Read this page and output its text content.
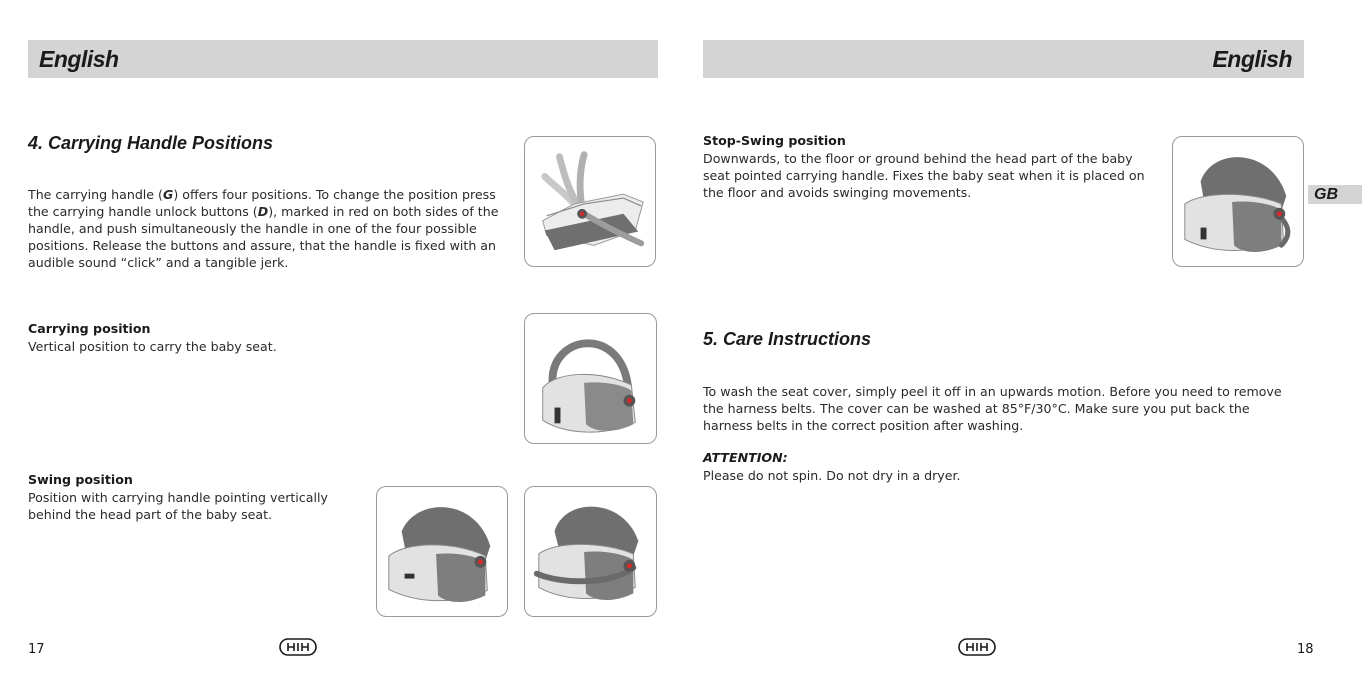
English
4. Carrying Handle Positions
The carrying handle (G) offers four positions. To change the position press the carrying handle unlock buttons (D), marked in red on both sides of the handle, and push simultaneously the handle in one of the four possible positions. Release the buttons and assure, that the handle is fixed with an audible sound “click” and a tangible jerk.
Carrying position
Vertical position to carry the baby seat.
Swing position
Position with carrying handle pointing vertically behind the head part of the baby seat.
17
English
Stop-Swing position
Downwards, to the floor or ground behind the head part of the baby seat pointed carrying handle. Fixes the baby seat when it is placed on the floor and avoids swinging movements.	GB
5. Care Instructions
To wash the seat cover, simply peel it off in an upwards motion. Before you need to remove the harness belts. The cover can be washed at 85°F/30°C. Make sure you put back the harness belts in the correct position after washing.
ATTENTION:
Please do not spin. Do not dry in a dryer.
18
